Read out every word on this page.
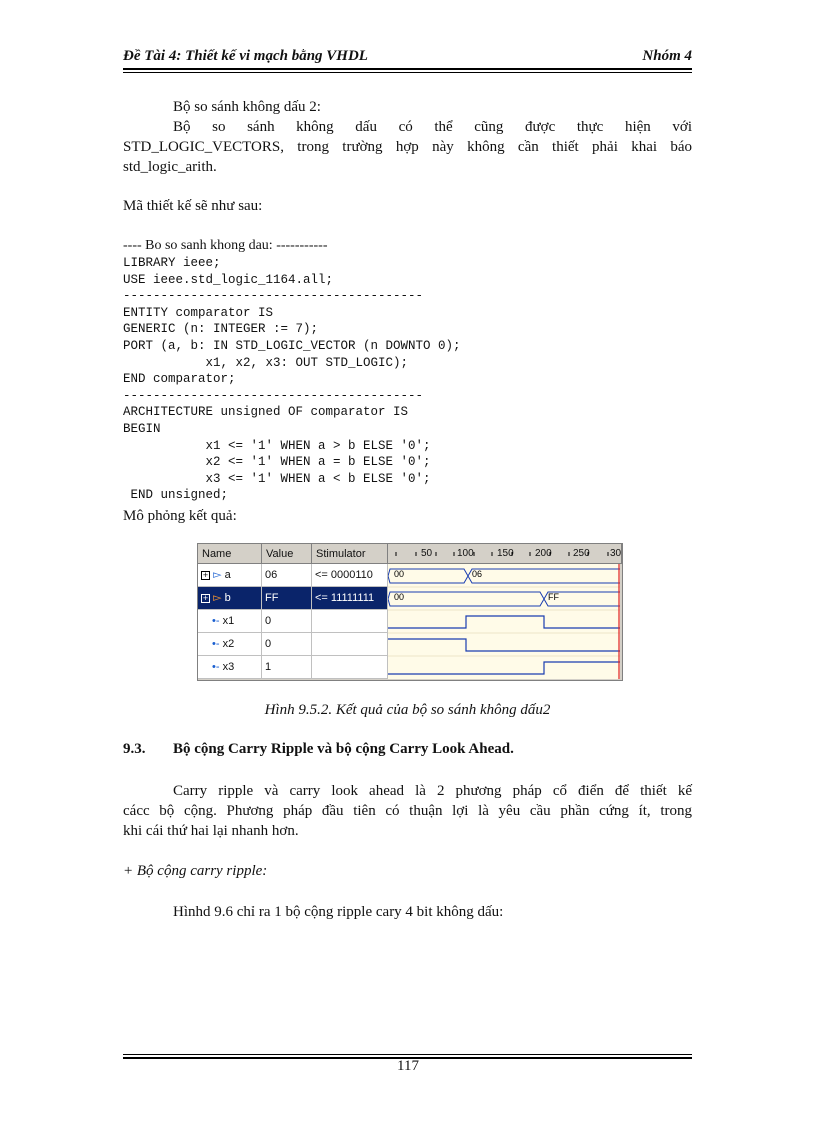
Đề Tài 4: Thiết kế vi mạch bằng VHDL	Nhóm 4
Bộ so sánh không dấu 2:
Bộ so sánh không dấu có thể cũng được thực hiện với
STD_LOGIC_VECTORS, trong trường hợp này không cần thiết phải khai báo
std_logic_arith.
Mã thiết kế sẽ như sau:
---- Bo so sanh khong dau: -----------
LIBRARY ieee;
USE ieee.std_logic_1164.all;
----------------------------------------
ENTITY comparator IS
GENERIC (n: INTEGER := 7);
PORT (a, b: IN STD_LOGIC_VECTOR (n DOWNTO 0);
x1, x2, x3: OUT STD_LOGIC);
END comparator;
----------------------------------------
ARCHITECTURE unsigned OF comparator IS
BEGIN
x1 <= '1' WHEN a > b ELSE '0';
x2 <= '1' WHEN a = b ELSE '0';
x3 <= '1' WHEN a < b ELSE '0';
END unsigned;
Mô phỏng kết quả:
Name	Value	Stimulator	50 100 150 200 250 30
+ ▻ a	06	<= 0000110
+ ▻ b	FF	<= 11111111
•- x1	0
•- x2	0
•- x3	1
00	06
00	FF
Hình 9.5.2. Kết quả của bộ so sánh không dấu2
9.3. Bộ cộng Carry Ripple và bộ cộng Carry Look Ahead.
Carry ripple và carry look ahead là 2 phương pháp cổ điển để thiết kế
cácc bộ cộng. Phương pháp đầu tiên có thuận lợi là yêu cầu phần cứng ít, trong
khi cái thứ hai lại nhanh hơn.
+ Bộ cộng carry ripple:
Hìnhd 9.6 chỉ ra 1 bộ cộng ripple cary 4 bit không dấu:
117
